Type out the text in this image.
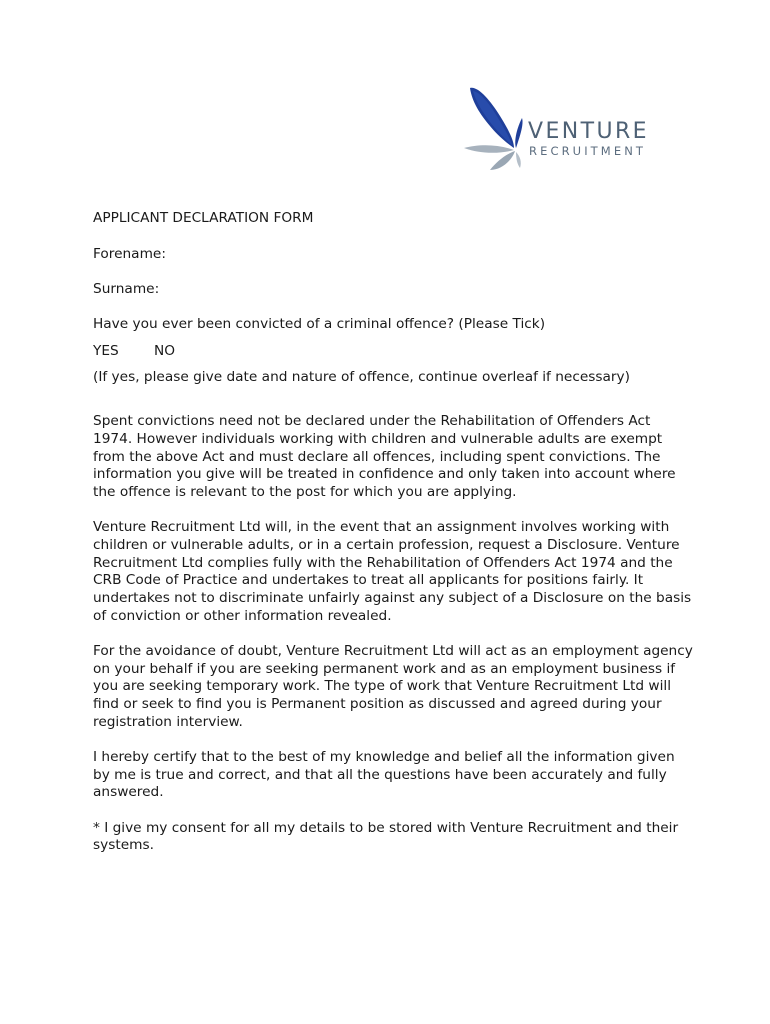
VENTURE
RECRUITMENT

APPLICANT DECLARATION FORM

Forename:

Surname:

Have you ever been convicted of a criminal offence? (Please Tick)

YES	NO

(If yes, please give date and nature of offence, continue overleaf if necessary)

Spent convictions need not be declared under the Rehabilitation of Offenders Act 1974. However individuals working with children and vulnerable adults are exempt from the above Act and must declare all offences, including spent convictions. The information you give will be treated in confidence and only taken into account where the offence is relevant to the post for which you are applying.

Venture Recruitment Ltd will, in the event that an assignment involves working with children or vulnerable adults, or in a certain profession, request a Disclosure. Venture Recruitment Ltd complies fully with the Rehabilitation of Offenders Act 1974 and the CRB Code of Practice and undertakes to treat all applicants for positions fairly. It undertakes not to discriminate unfairly against any subject of a Disclosure on the basis of conviction or other information revealed.

For the avoidance of doubt, Venture Recruitment Ltd will act as an employment agency on your behalf if you are seeking permanent work and as an employment business if you are seeking temporary work. The type of work that Venture Recruitment Ltd will find or seek to find you is Permanent position as discussed and agreed during your registration interview.

I hereby certify that to the best of my knowledge and belief all the information given by me is true and correct, and that all the questions have been accurately and fully answered.

* I give my consent for all my details to be stored with Venture Recruitment and their systems.
